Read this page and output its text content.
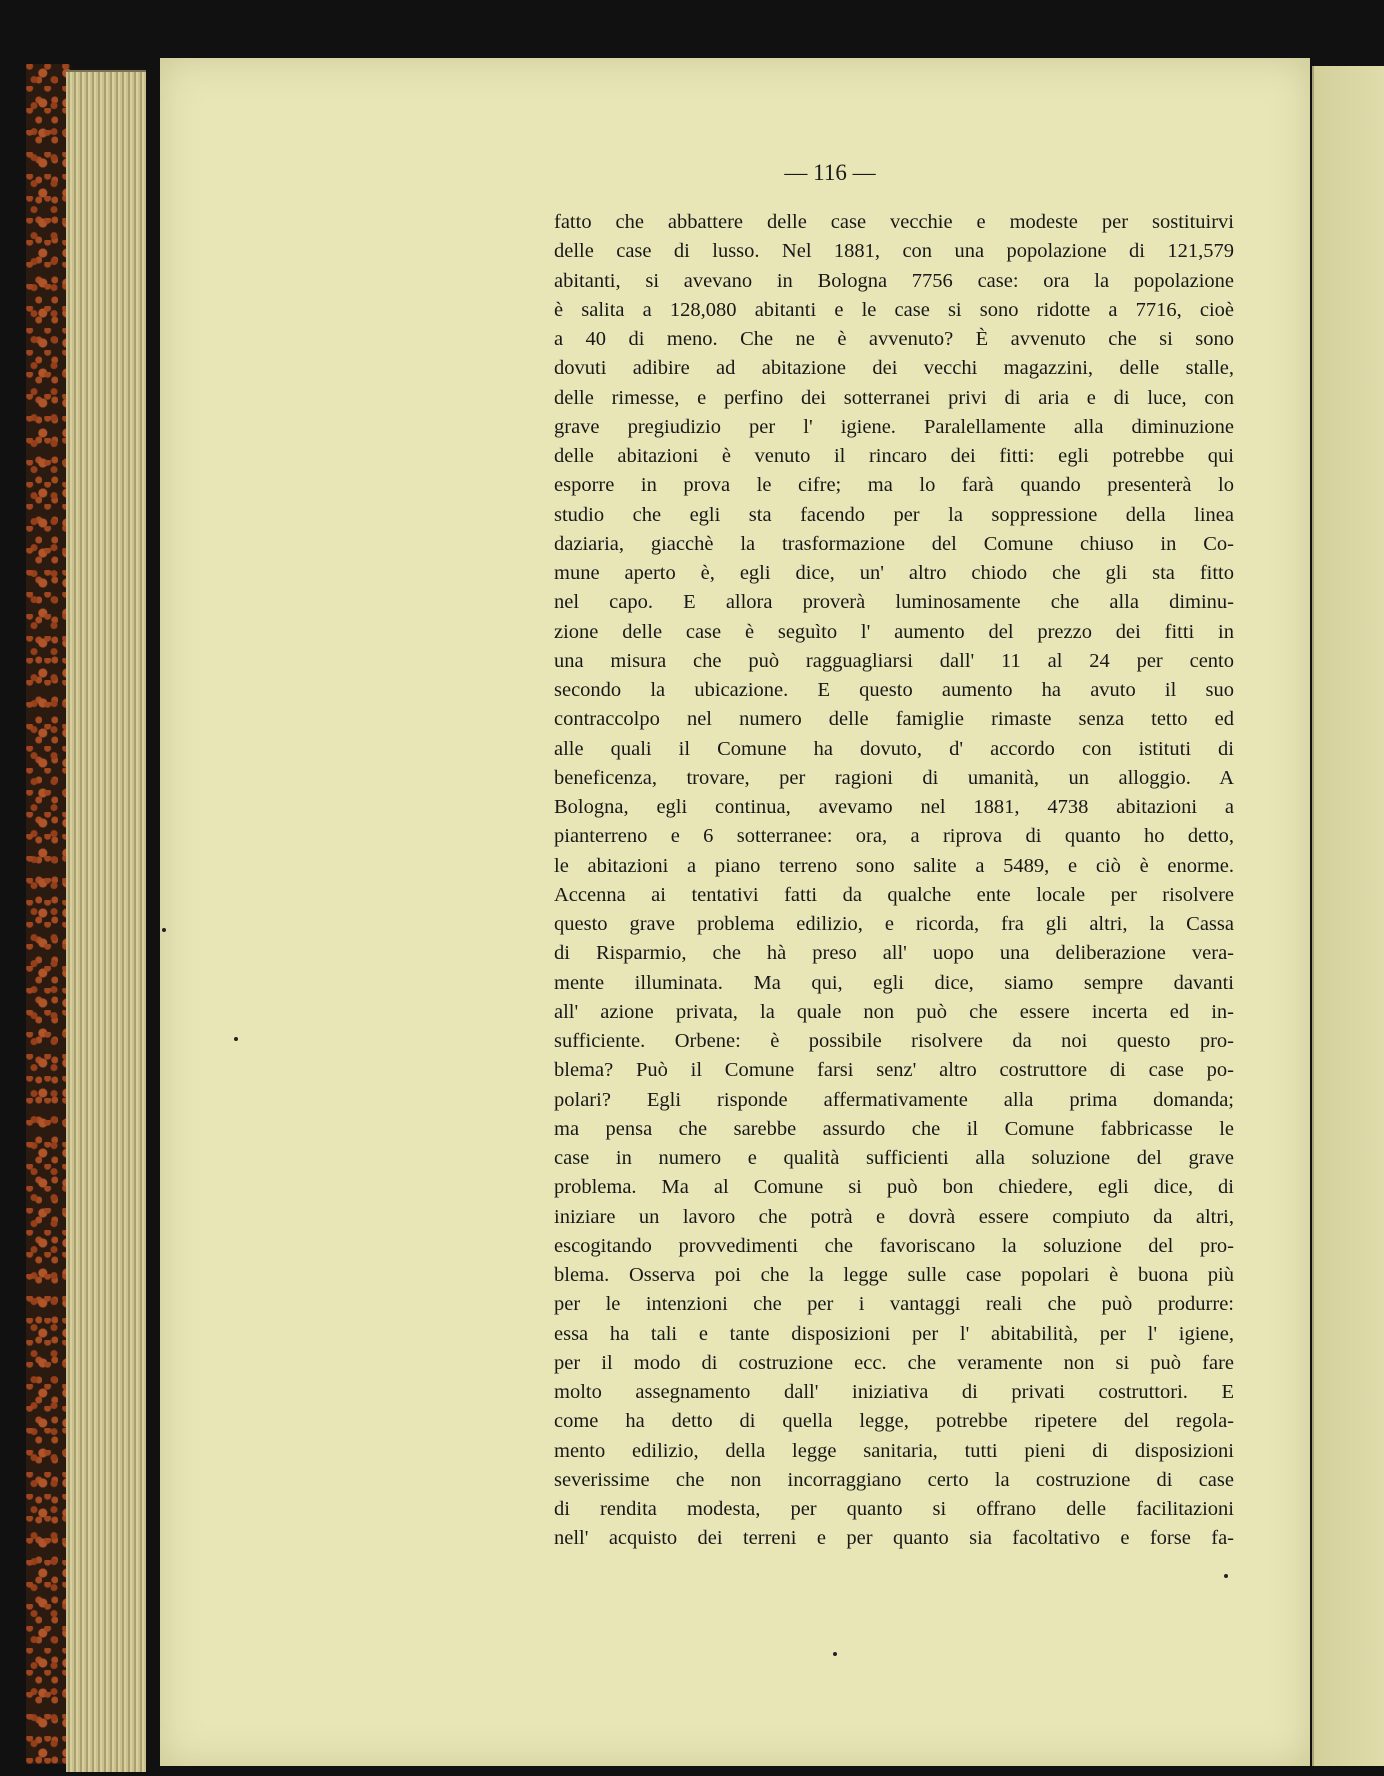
— 116 —
fatto che abbattere delle case vecchie e modeste per sostituirvi
delle case di lusso. Nel 1881, con una popolazione di 121,579
abitanti, si avevano in Bologna 7756 case: ora la popolazione
è salita a 128,080 abitanti e le case si sono ridotte a 7716, cioè
a 40 di meno. Che ne è avvenuto? È avvenuto che si sono
dovuti adibire ad abitazione dei vecchi magazzini, delle stalle,
delle rimesse, e perfino dei sotterranei privi di aria e di luce, con
grave pregiudizio per l' igiene. Paralellamente alla diminuzione
delle abitazioni è venuto il rincaro dei fitti: egli potrebbe qui
esporre in prova le cifre; ma lo farà quando presenterà lo
studio che egli sta facendo per la soppressione della linea
daziaria, giacchè la trasformazione del Comune chiuso in Co-
mune aperto è, egli dice, un' altro chiodo che gli sta fitto
nel capo. E allora proverà luminosamente che alla diminu-
zione delle case è seguìto l' aumento del prezzo dei fitti in
una misura che può ragguagliarsi dall' 11 al 24 per cento
secondo la ubicazione. E questo aumento ha avuto il suo
contraccolpo nel numero delle famiglie rimaste senza tetto ed
alle quali il Comune ha dovuto, d' accordo con istituti di
beneficenza, trovare, per ragioni di umanità, un alloggio. A
Bologna, egli continua, avevamo nel 1881, 4738 abitazioni a
pianterreno e 6 sotterranee: ora, a riprova di quanto ho detto,
le abitazioni a piano terreno sono salite a 5489, e ciò è enorme.
Accenna ai tentativi fatti da qualche ente locale per risolvere
questo grave problema edilizio, e ricorda, fra gli altri, la Cassa
di Risparmio, che hà preso all' uopo una deliberazione vera-
mente illuminata. Ma qui, egli dice, siamo sempre davanti
all' azione privata, la quale non può che essere incerta ed in-
sufficiente. Orbene: è possibile risolvere da noi questo pro-
blema? Può il Comune farsi senz' altro costruttore di case po-
polari? Egli risponde affermativamente alla prima domanda;
ma pensa che sarebbe assurdo che il Comune fabbricasse le
case in numero e qualità sufficienti alla soluzione del grave
problema. Ma al Comune si può bon chiedere, egli dice, di
iniziare un lavoro che potrà e dovrà essere compiuto da altri,
escogitando provvedimenti che favoriscano la soluzione del pro-
blema. Osserva poi che la legge sulle case popolari è buona più
per le intenzioni che per i vantaggi reali che può produrre:
essa ha tali e tante disposizioni per l' abitabilità, per l' igiene,
per il modo di costruzione ecc. che veramente non si può fare
molto assegnamento dall' iniziativa di privati costruttori. E
come ha detto di quella legge, potrebbe ripetere del regola-
mento edilizio, della legge sanitaria, tutti pieni di disposizioni
severissime che non incorraggiano certo la costruzione di case
di rendita modesta, per quanto si offrano delle facilitazioni
nell' acquisto dei terreni e per quanto sia facoltativo e forse fa-
